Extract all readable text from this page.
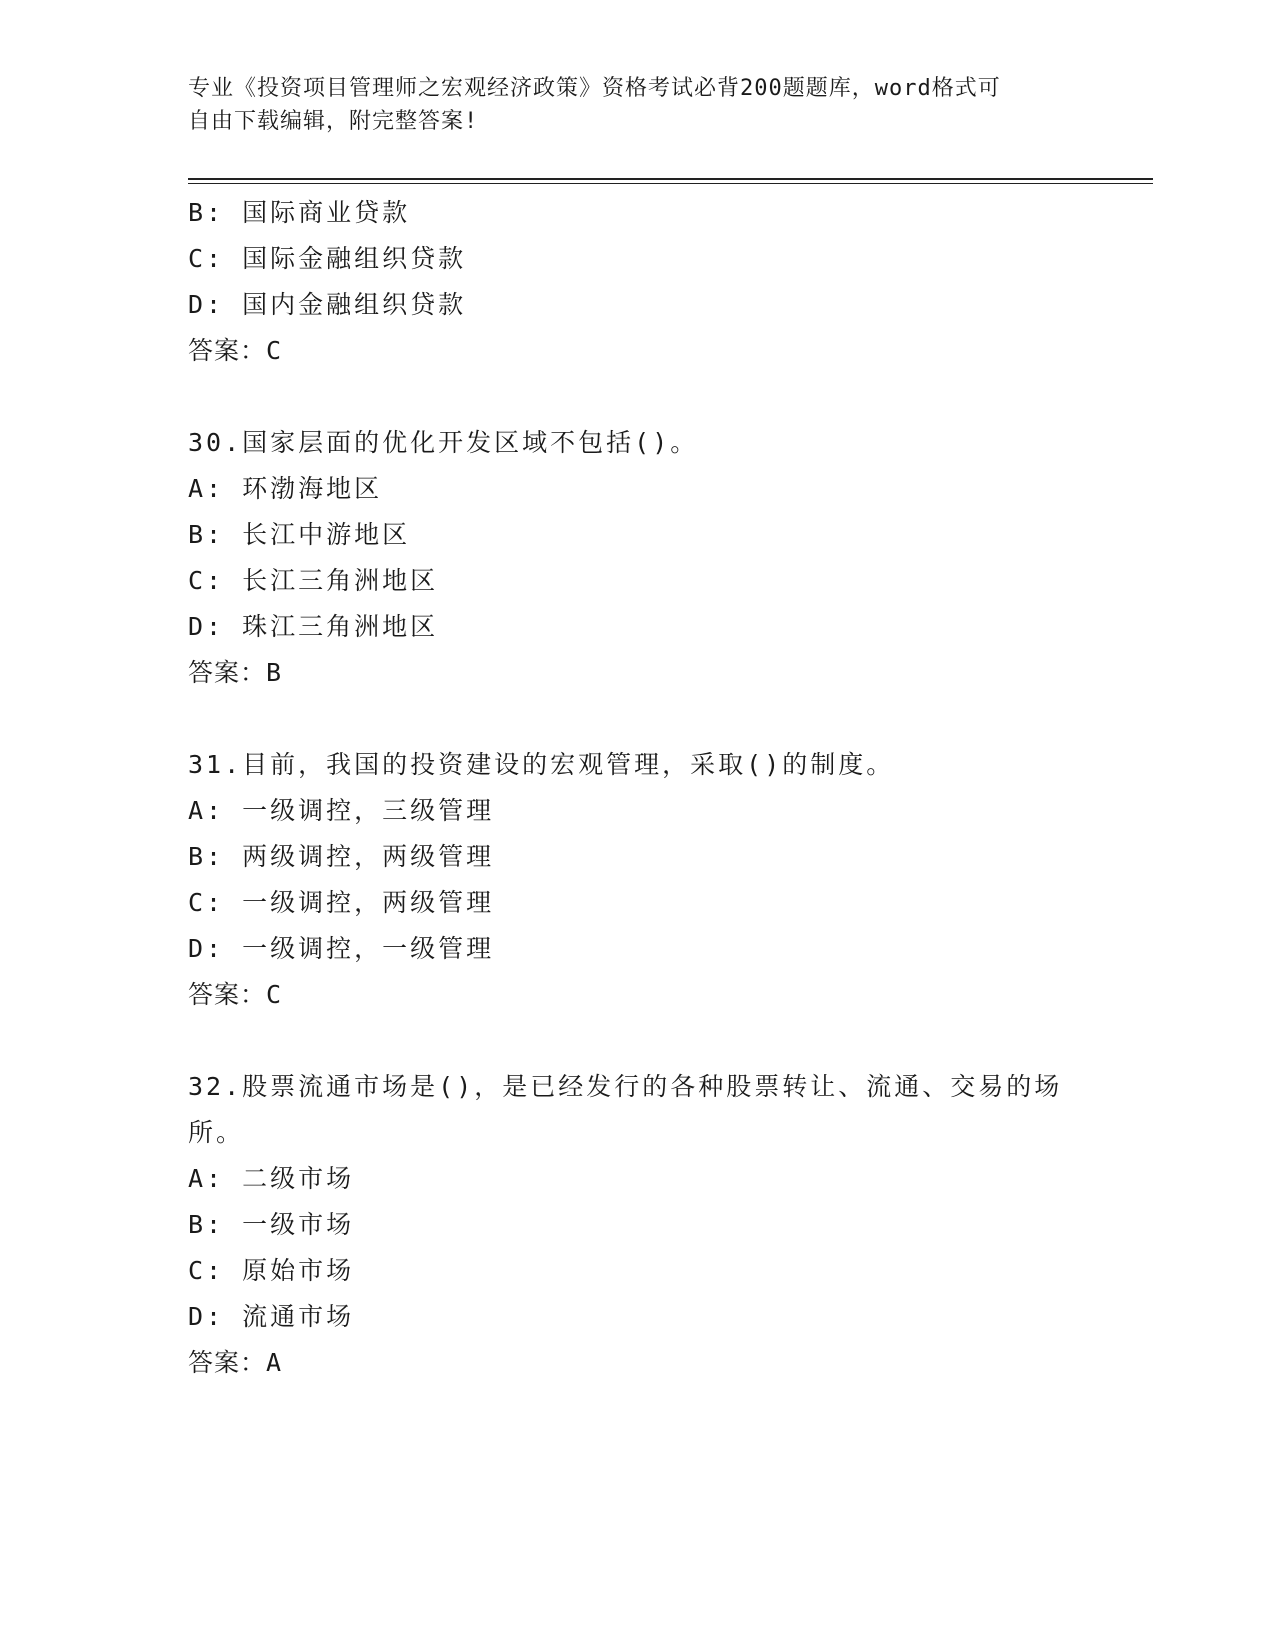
专业《投资项目管理师之宏观经济政策》资格考试必背200题题库，word格式可
自由下载编辑，附完整答案!
B: 国际商业贷款
C: 国际金融组织贷款
D: 国内金融组织贷款
答案：C
30.国家层面的优化开发区域不包括()。
A: 环渤海地区
B: 长江中游地区
C: 长江三角洲地区
D: 珠江三角洲地区
答案：B
31.目前，我国的投资建设的宏观管理，采取()的制度。
A: 一级调控，三级管理
B: 两级调控，两级管理
C: 一级调控，两级管理
D: 一级调控，一级管理
答案：C
32.股票流通市场是()，是已经发行的各种股票转让、流通、交易的场所。
A: 二级市场
B: 一级市场
C: 原始市场
D: 流通市场
答案：A
